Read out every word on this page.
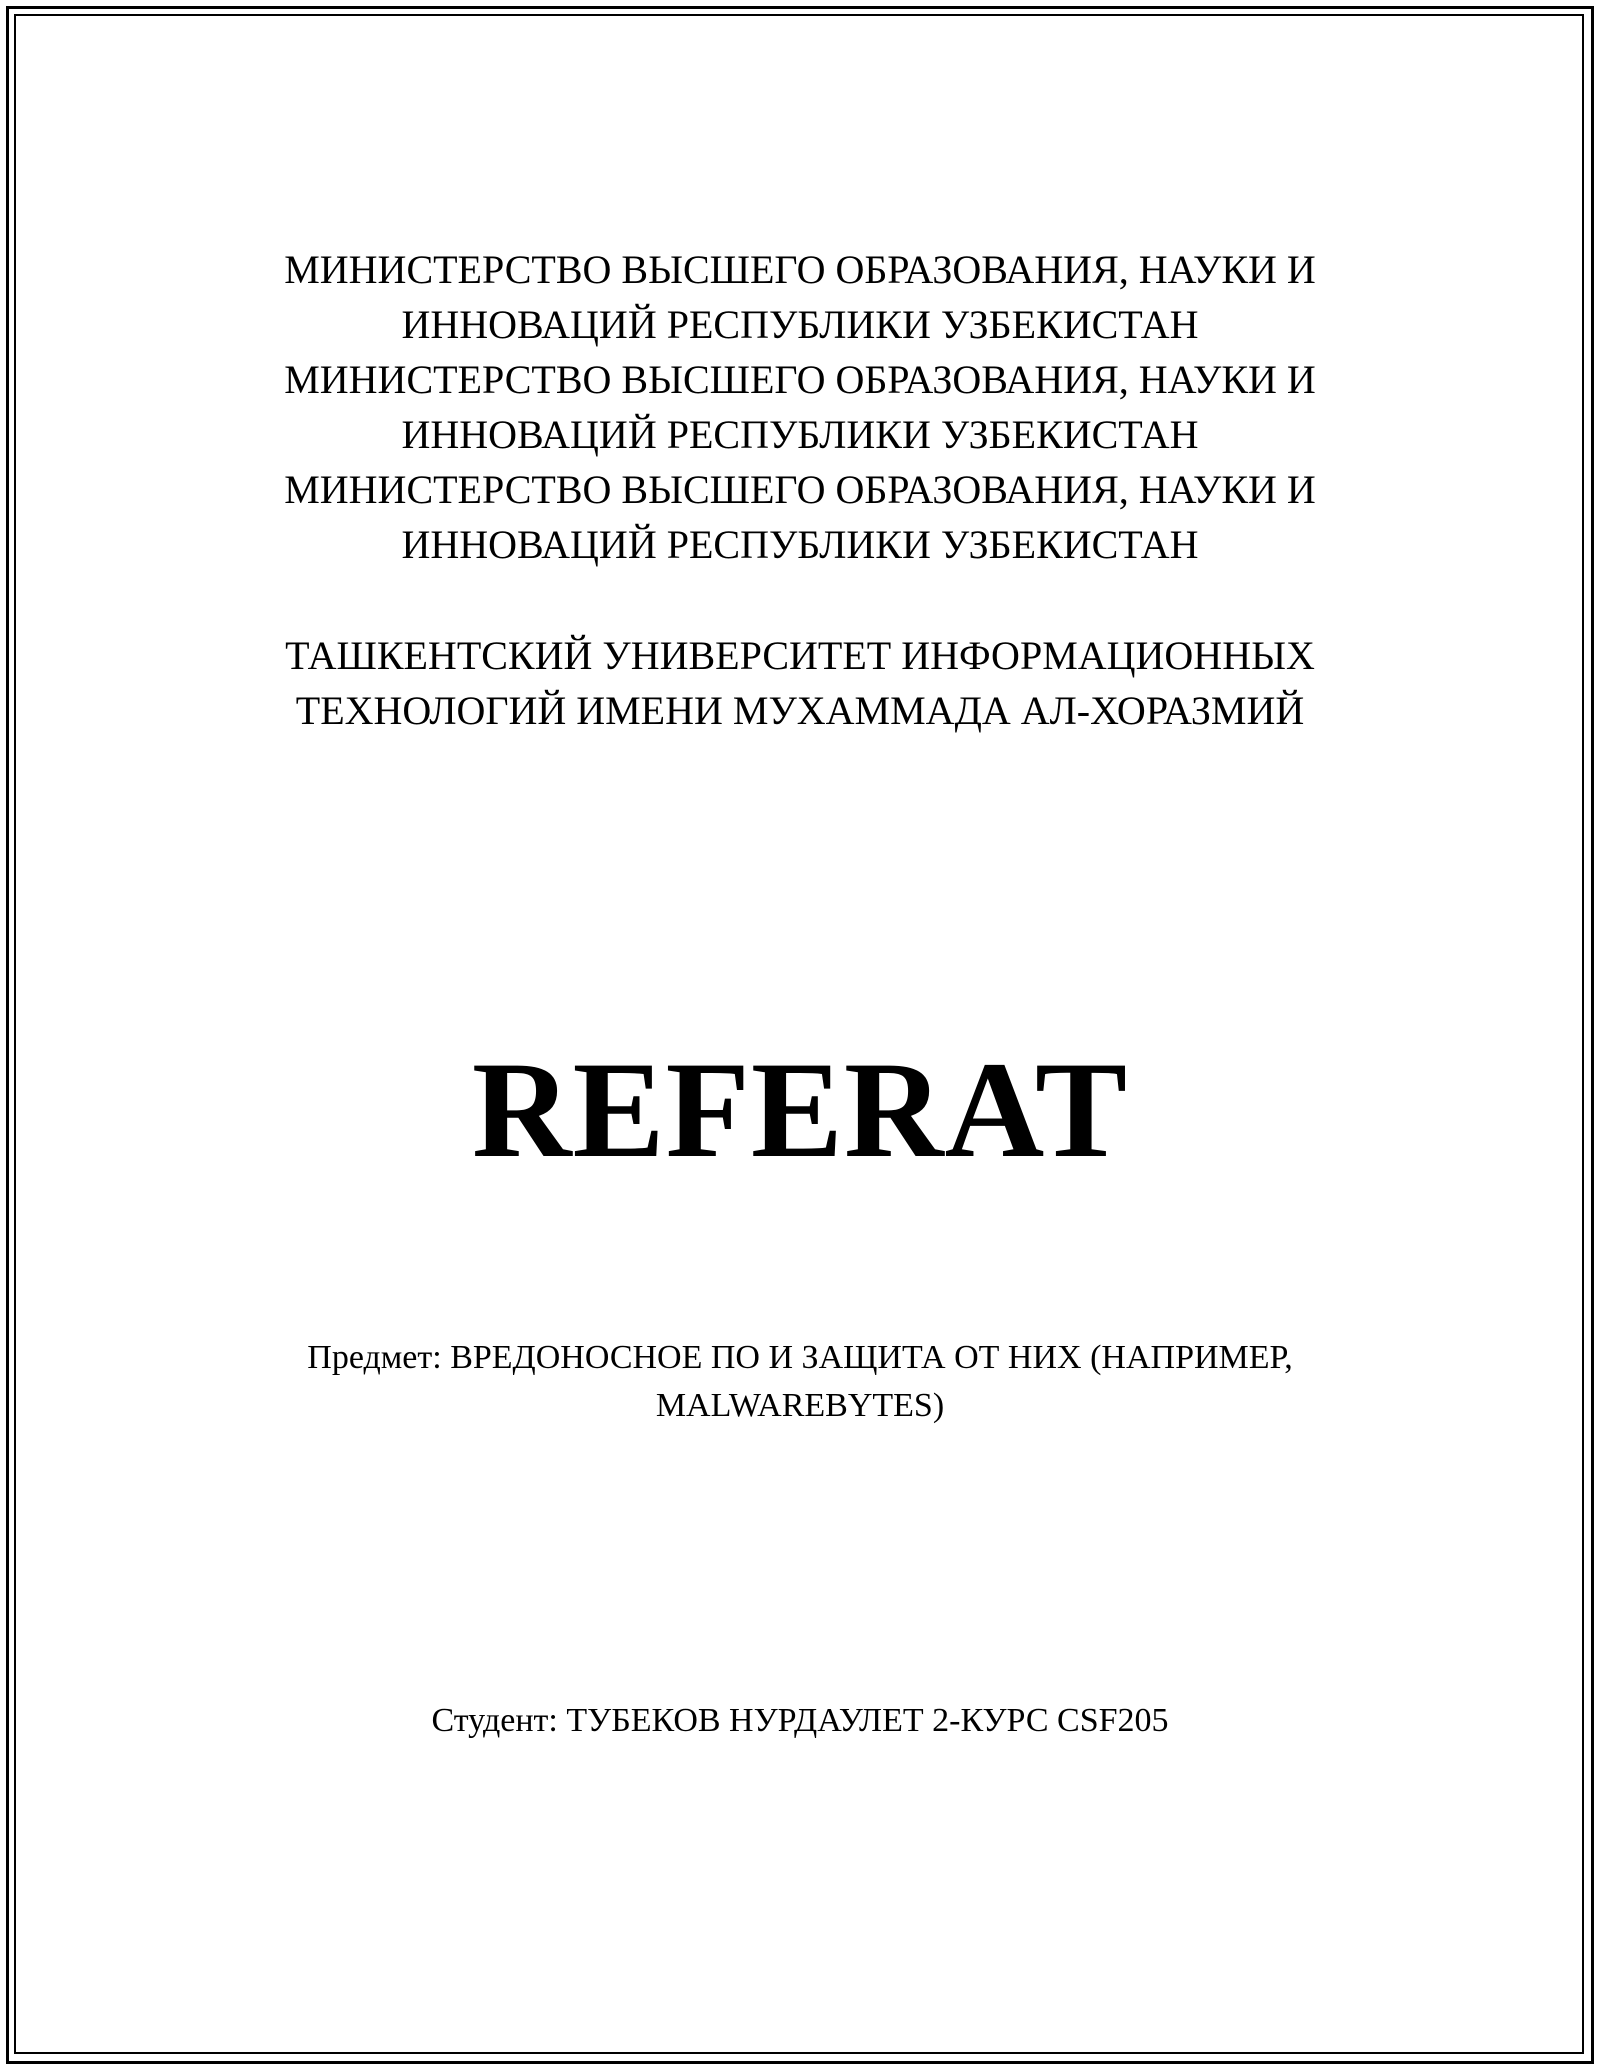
МИНИСТЕРСТВО ВЫСШЕГО ОБРАЗОВАНИЯ, НАУКИ И
ИННОВАЦИЙ РЕСПУБЛИКИ УЗБЕКИСТАН
МИНИСТЕРСТВО ВЫСШЕГО ОБРАЗОВАНИЯ, НАУКИ И
ИННОВАЦИЙ РЕСПУБЛИКИ УЗБЕКИСТАН
МИНИСТЕРСТВО ВЫСШЕГО ОБРАЗОВАНИЯ, НАУКИ И
ИННОВАЦИЙ РЕСПУБЛИКИ УЗБЕКИСТАН
ТАШКЕНТСКИЙ УНИВЕРСИТЕТ ИНФОРМАЦИОННЫХ
ТЕХНОЛОГИЙ ИМЕНИ МУХАММАДА АЛ-ХОРАЗМИЙ
REFERAT
Предмет: ВРЕДОНОСНОЕ ПО И ЗАЩИТА ОТ НИХ (НАПРИМЕР,
MALWAREBYTES)
Студент: ТУБЕКОВ НУРДАУЛЕТ 2-КУРС CSF205
